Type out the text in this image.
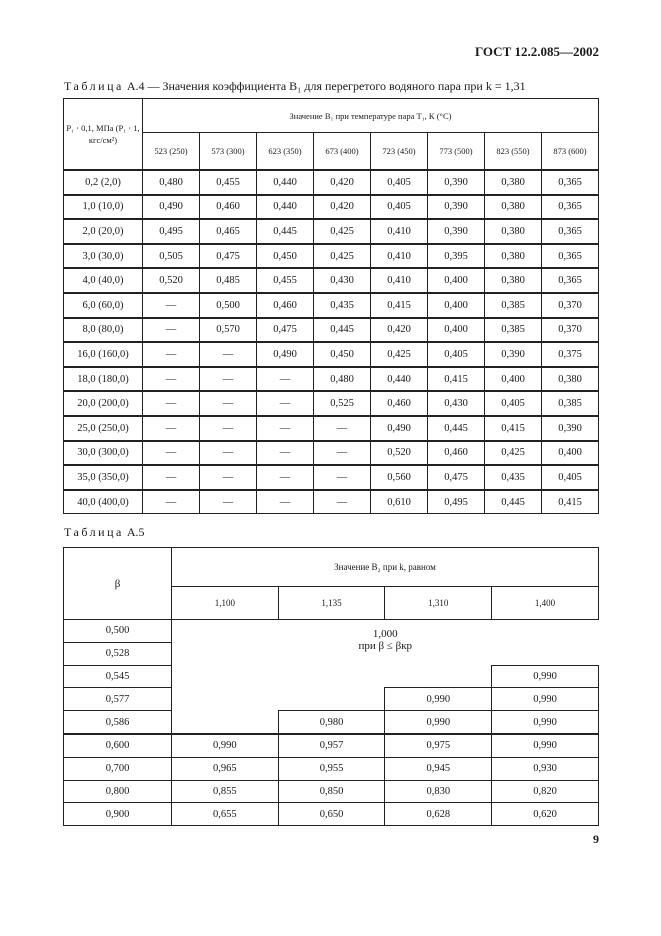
ГОСТ 12.2.085—2002
Таблица А.4 — Значения коэффициента B₁ для перегретого водяного пара при k = 1,31
P₁ ⋅ 0,1, МПа (P₁ ⋅ 1, кгс/см²)	Значение B₁ при температуре пара T₁, К (°С)							
	523 (250)	573 (300)	623 (350)	673 (400)	723 (450)	773 (500)	823 (550)	873 (600)
0,2 (2,0)	0,480	0,455	0,440	0,420	0,405	0,390	0,380	0,365
1,0 (10,0)	0,490	0,460	0,440	0,420	0,405	0,390	0,380	0,365
2,0 (20,0)	0,495	0,465	0,445	0,425	0,410	0,390	0,380	0,365
3,0 (30,0)	0,505	0,475	0,450	0,425	0,410	0,395	0,380	0,365
4,0 (40,0)	0,520	0,485	0,455	0,430	0,410	0,400	0,380	0,365
6,0 (60,0)	—	0,500	0,460	0,435	0,415	0,400	0,385	0,370
8,0 (80,0)	—	0,570	0,475	0,445	0,420	0,400	0,385	0,370
16,0 (160,0)	—	—	0,490	0,450	0,425	0,405	0,390	0,375
18,0 (180,0)	—	—	—	0,480	0,440	0,415	0,400	0,380
20,0 (200,0)	—	—	—	0,525	0,460	0,430	0,405	0,385
25,0 (250,0)	—	—	—	—	0,490	0,445	0,415	0,390
30,0 (300,0)	—	—	—	—	0,520	0,460	0,425	0,400
35,0 (350,0)	—	—	—	—	0,560	0,475	0,435	0,405
40,0 (400,0)	—	—	—	—	0,610	0,495	0,445	0,415
Таблица А.5
β	Значение B₂ при k, равном			
	1,100	1,135	1,310	1,400
0,500	1,000
при β ≤ βкр			

0,528				
0,545				0,990
0,577			0,990	0,990
0,586		0,980	0,990	0,990
0,600	0,990	0,957	0,975	0,990
0,700	0,965	0,955	0,945	0,930
0,800	0,855	0,850	0,830	0,820
0,900	0,655	0,650	0,628	0,620
9
